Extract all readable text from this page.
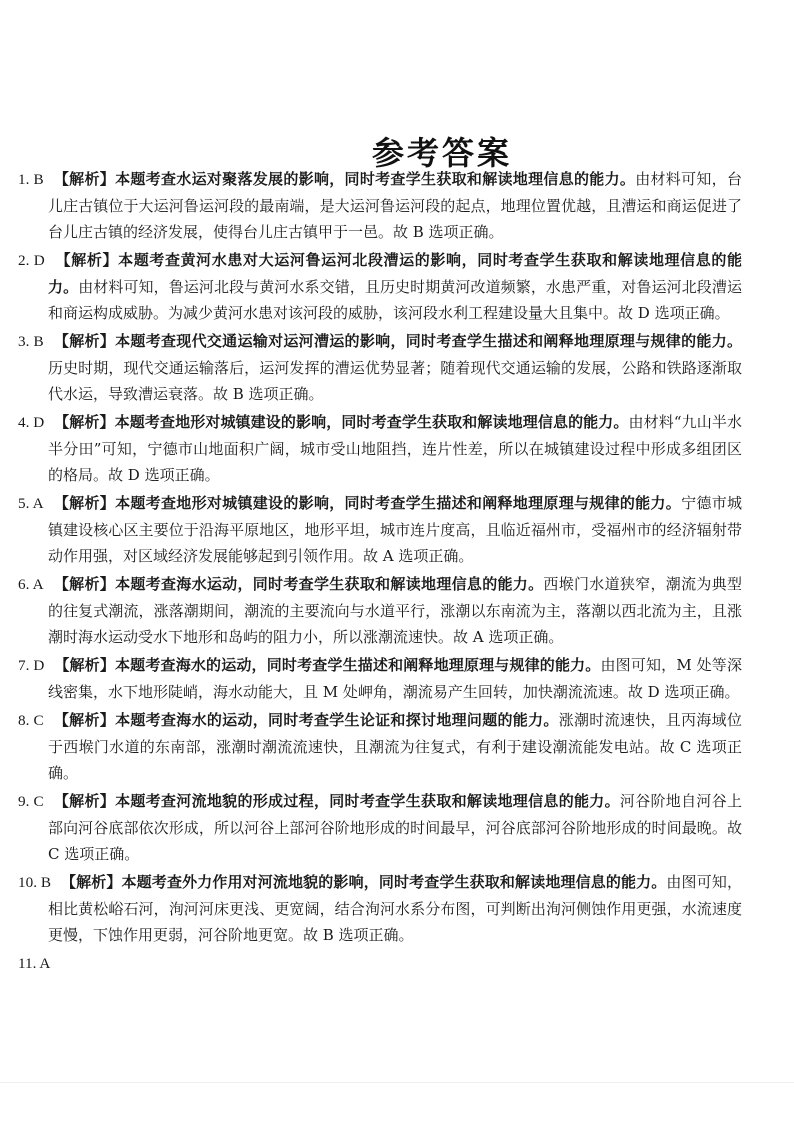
参考答案

1. B 【解析】本题考查水运对聚落发展的影响，同时考查学生获取和解读地理信息的能力。由材料可知，台儿庄古镇位于大运河鲁运河段的最南端，是大运河鲁运河段的起点，地理位置优越，且漕运和商运促进了台儿庄古镇的经济发展，使得台儿庄古镇甲于一邑。故 B 选项正确。

2. D 【解析】本题考查黄河水患对大运河鲁运河北段漕运的影响，同时考查学生获取和解读地理信息的能力。由材料可知，鲁运河北段与黄河水系交错，且历史时期黄河改道频繁，水患严重，对鲁运河北段漕运和商运构成威胁。为减少黄河水患对该河段的威胁，该河段水利工程建设量大且集中。故 D 选项正确。

3. B 【解析】本题考查现代交通运输对运河漕运的影响，同时考查学生描述和阐释地理原理与规律的能力。历史时期，现代交通运输落后，运河发挥的漕运优势显著；随着现代交通运输的发展，公路和铁路逐渐取代水运，导致漕运衰落。故 B 选项正确。

4. D 【解析】本题考查地形对城镇建设的影响，同时考查学生获取和解读地理信息的能力。由材料“九山半水半分田”可知，宁德市山地面积广阔，城市受山地阻挡，连片性差，所以在城镇建设过程中形成多组团区的格局。故 D 选项正确。

5. A 【解析】本题考查地形对城镇建设的影响，同时考查学生描述和阐释地理原理与规律的能力。宁德市城镇建设核心区主要位于沿海平原地区，地形平坦，城市连片度高，且临近福州市，受福州市的经济辐射带动作用强，对区域经济发展能够起到引领作用。故 A 选项正确。

6. A 【解析】本题考查海水运动，同时考查学生获取和解读地理信息的能力。西堠门水道狭窄，潮流为典型的往复式潮流，涨落潮期间，潮流的主要流向与水道平行，涨潮以东南流为主，落潮以西北流为主，且涨潮时海水运动受水下地形和岛屿的阻力小，所以涨潮流速快。故 A 选项正确。

7. D 【解析】本题考查海水的运动，同时考查学生描述和阐释地理原理与规律的能力。由图可知，M 处等深线密集，水下地形陡峭，海水动能大，且 M 处岬角，潮流易产生回转，加快潮流流速。故 D 选项正确。

8. C 【解析】本题考查海水的运动，同时考查学生论证和探讨地理问题的能力。涨潮时流速快，且丙海域位于西堠门水道的东南部，涨潮时潮流流速快，且潮流为往复式，有利于建设潮流能发电站。故 C 选项正确。

9. C 【解析】本题考查河流地貌的形成过程，同时考查学生获取和解读地理信息的能力。河谷阶地自河谷上部向河谷底部依次形成，所以河谷上部河谷阶地形成的时间最早，河谷底部河谷阶地形成的时间最晚。故 C 选项正确。

10. B 【解析】本题考查外力作用对河流地貌的影响，同时考查学生获取和解读地理信息的能力。由图可知，相比黄松峪石河，洵河河床更浅、更宽阔，结合洵河水系分布图，可判断出洵河侧蚀作用更强，水流速度更慢，下蚀作用更弱，河谷阶地更宽。故 B 选项正确。

11. A
